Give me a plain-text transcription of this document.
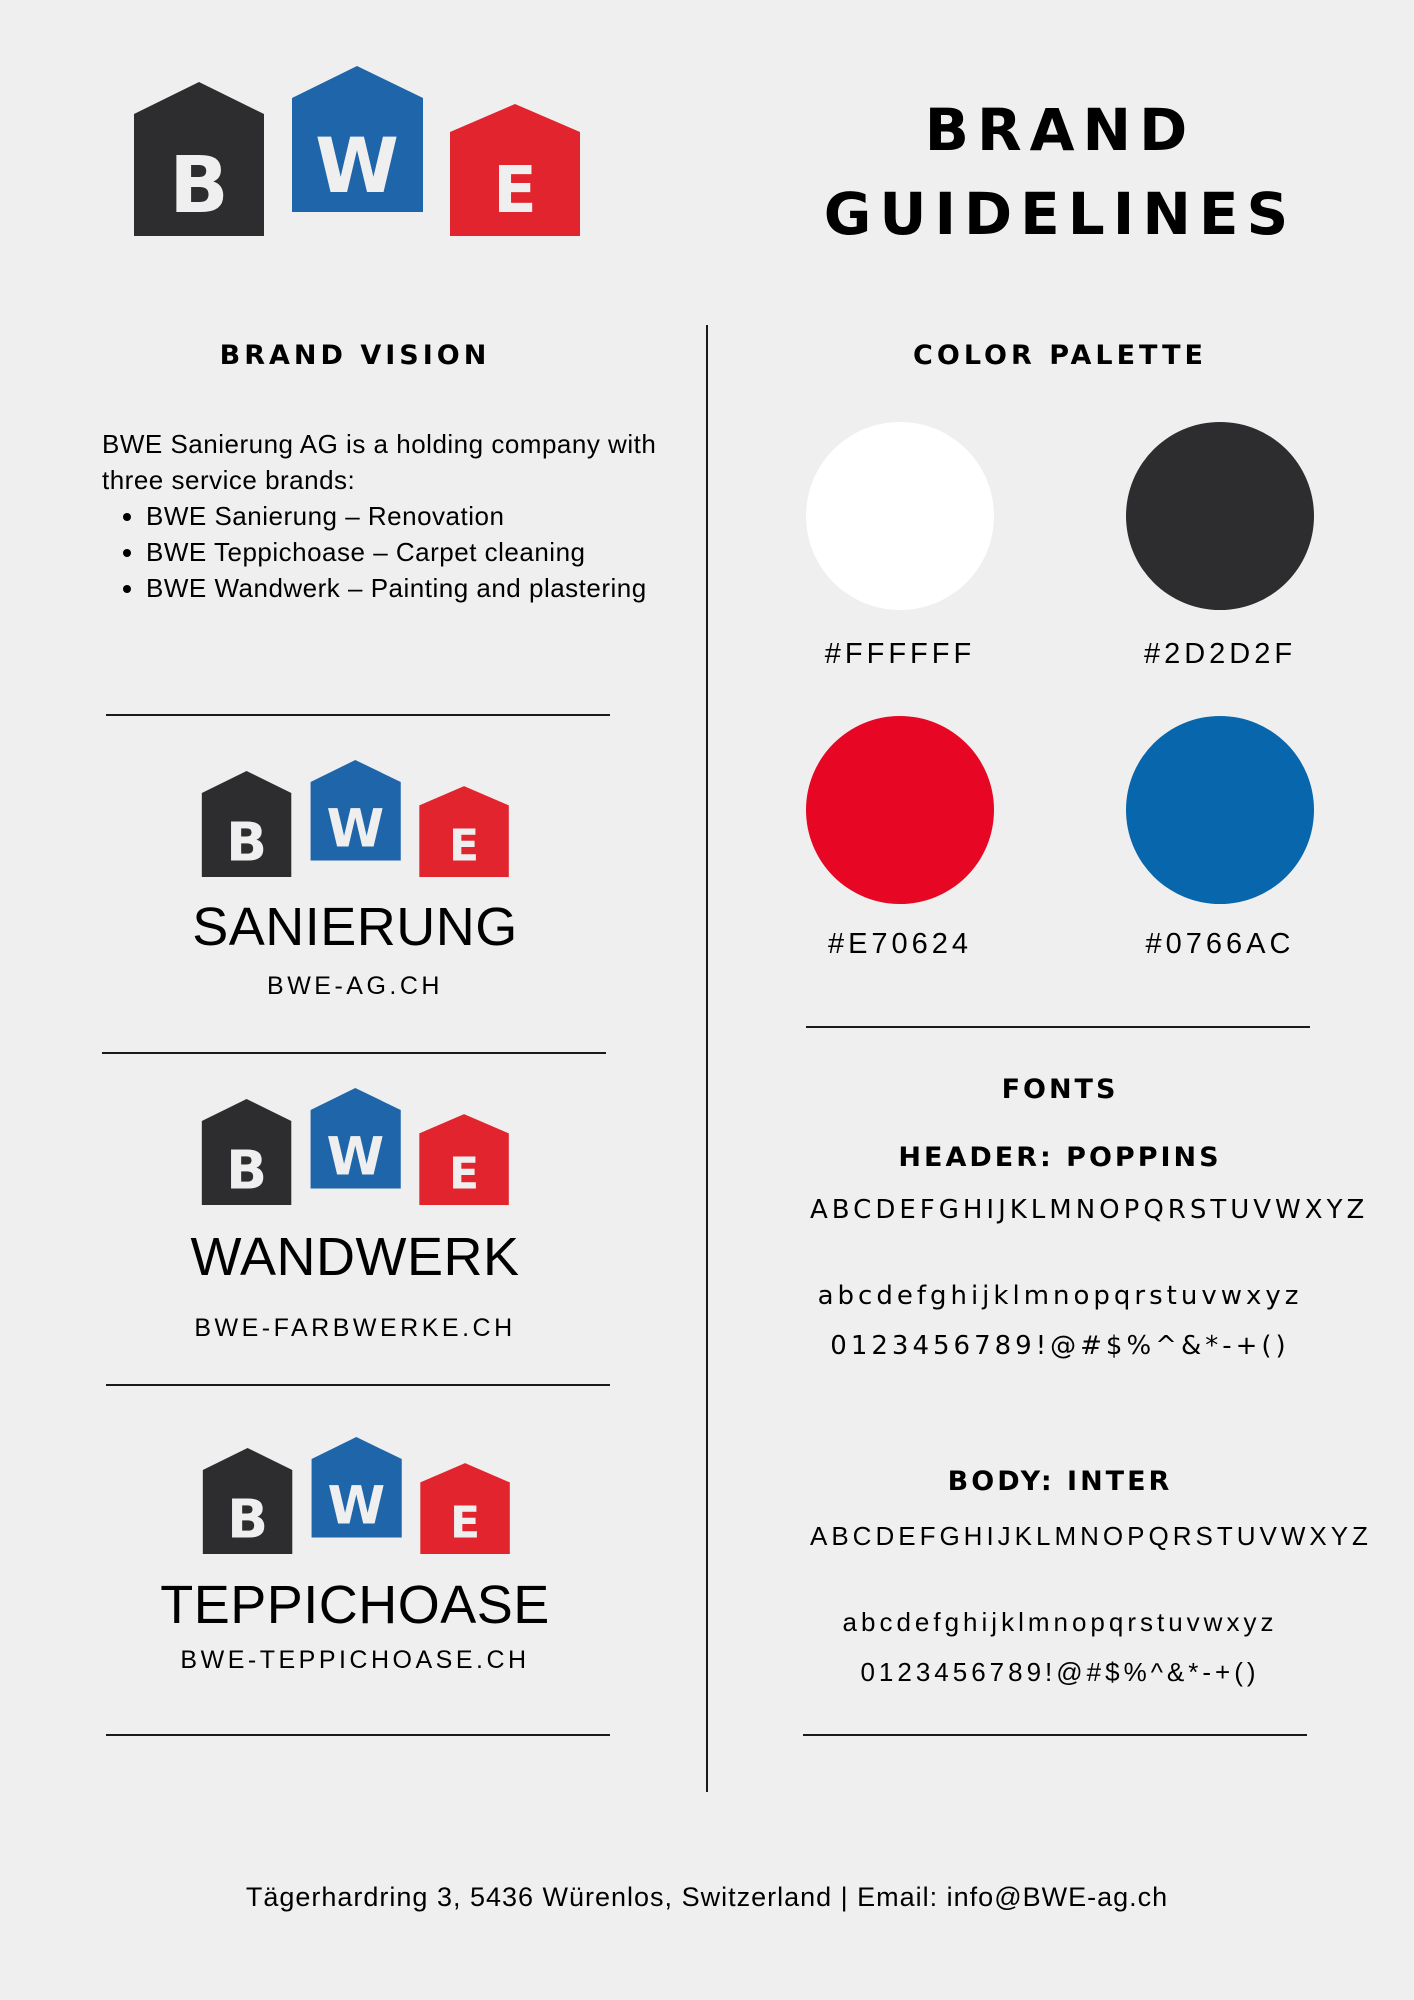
B W E
BRAND
GUIDELINES
BRAND VISION

BWE Sanierung AG is a holding company with three service brands:

• BWE Sanierung – Renovation
• BWE Teppichoase – Carpet cleaning
• BWE Wandwerk – Painting and plastering
B W E
SANIERUNG
BWE-AG.CH
B W E
WANDWERK
BWE-FARBWERKE.CH
B W E
TEPPICHOASE
BWE-TEPPICHOASE.CH
COLOR PALETTE
#FFFFFF	#2D2D2F
#E70624	#0766AC
FONTS
HEADER: POPPINS
ABCDEFGHIJKLMNOPQRSTUVWXYZ
abcdefghijklmnopqrstuvwxyz
0123456789!@#$%^&*-+()
BODY: INTER
ABCDEFGHIJKLMNOPQRSTUVWXYZ
abcdefghijklmnopqrstuvwxyz
0123456789!@#$%^&*-+()
Tägerhardring 3, 5436 Würenlos, Switzerland | Email: info@BWE-ag.ch
